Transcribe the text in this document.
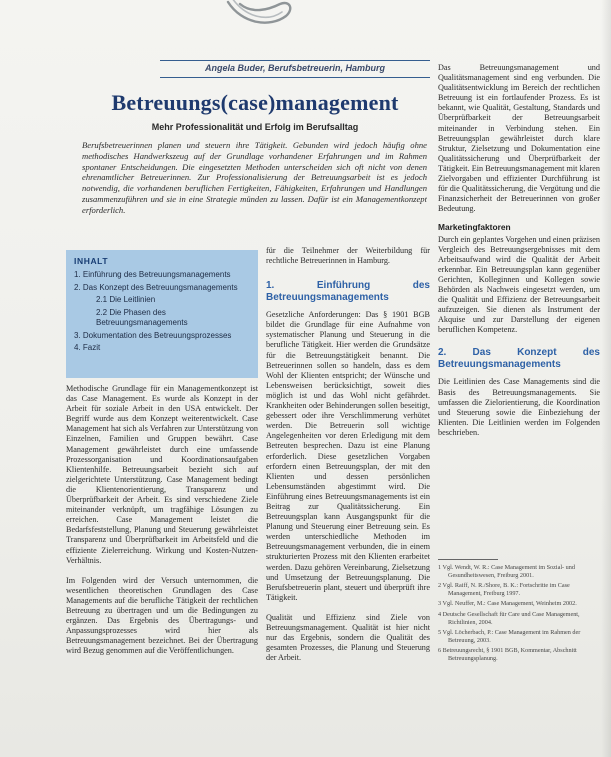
Angela Buder, Berufsbetreuerin, Hamburg
Betreuungs(case)management
Mehr Professionalität und Erfolg im Berufsalltag
Berufsbetreuerinnen planen und steuern ihre Tätigkeit. Gebunden wird jedoch häufig ohne methodisches Handwerkszeug auf der Grundlage vorhandener Erfahrungen und im Rahmen spontaner Entscheidungen. Die eingesetzten Methoden unterscheiden sich oft nicht von denen ehrenamtlicher Betreuerinnen. Zur Professionalisierung der Betreuungsarbeit ist es jedoch notwendig, die vorhandenen beruflichen Fertigkeiten, Fähigkeiten, Erfahrungen und Handlungen zusammenzuführen und sie in eine Strategie münden zu lassen. Dafür ist ein Managementkonzept erforderlich.
INHALT
1. Einführung des Betreuungsmanagements
2. Das Konzept des Betreuungsmanagements
2.1 Die Leitlinien
2.2 Die Phasen des Betreuungsmanagements
3. Dokumentation des Betreuungsprozesses
4. Fazit

Methodische Grundlage für ein Managementkonzept ist das Case Management. Es wurde als Konzept in der Arbeit für soziale Arbeit in den USA entwickelt. Der Begriff wurde aus dem Konzept weiterentwickelt. Case Management hat sich als Verfahren zur Unterstützung von Einzelnen, Familien und Gruppen bewährt. Case Management gewährleistet durch eine umfassende Prozessorganisation und Koordinationsaufgaben Klientenhilfe. Betreuungsarbeit bezieht sich auf zielgerichtete Unterstützung. Case Management bedingt die Klientenorientierung, Transparenz und Überprüfbarkeit der Arbeit. Es sind verschiedene Ziele miteinander verknüpft, um tragfähige Lösungen zu erreichen. Case Management leistet die Bedarfsfeststellung, Planung und Steuerung gewährleistet Transparenz und Überprüfbarkeit im Arbeitsfeld und die effiziente Zielerreichung. Wirkung und Kosten-Nutzen-Verhältnis.

Im Folgenden wird der Versuch unternommen, die wesentlichen theoretischen Grundlagen des Case Managements auf die berufliche Tätigkeit der rechtlichen Betreuung zu übertragen und um die Bedingungen zu ergänzen. Das Ergebnis des Übertragungs- und Anpassungsprozesses wird hier als Betreuungsmanagement bezeichnet. Bei der Übertragung wird Bezug genommen auf die Veröffentlichungen.

für die Teilnehmer der Weiterbildung für rechtliche Betreuerinnen in Hamburg.

1. Einführung des Betreuungsmanagements

Gesetzliche Anforderungen: Das § 1901 BGB bildet die Grundlage für eine Aufnahme von systematischer Planung und Steuerung in die berufliche Tätigkeit. Hier werden die Grundsätze für die Betreuungstätigkeit benannt. Die Betreuerinnen sollen so handeln, dass es dem Wohl der Klienten entspricht; der Wünsche und Lebensweisen berücksichtigt, soweit dies möglich ist und das Wohl nicht gefährdet. Krankheiten oder Behinderungen sollen beseitigt, gebessert oder ihre Verschlimmerung verhütet werden. Die Betreuerin soll wichtige Angelegenheiten vor deren Erledigung mit dem Betreuten besprechen. Dazu ist eine Planung erforderlich. Diese gesetzlichen Vorgaben erfordern einen Betreuungsplan, der mit den Klienten und dessen persönlichen Lebensumständen abgestimmt wird. Die Einführung eines Betreuungsmanagements ist ein Beitrag zur Qualitätssicherung. Ein Betreuungsplan kann Ausgangspunkt für die Planung und Steuerung einer Betreuung sein. Es werden unterschiedliche Methoden im Betreuungsmanagement verbunden, die in einem strukturierten Prozess mit den Klienten erarbeitet werden. Dazu gehören Vereinbarung, Zielsetzung und Umsetzung der Betreuungsplanung. Die Berufsbetreuerin plant, steuert und überprüft ihre Tätigkeit.

Qualität und Effizienz sind Ziele von Betreuungsmanagement. Qualität ist hier nicht nur das Ergebnis, sondern die Qualität des gesamten Prozesses, die Planung und Steuerung der Arbeit.

Das Betreuungsmanagement und Qualitätsmanagement sind eng verbunden. Die Qualitätsentwicklung im Bereich der rechtlichen Betreuung ist ein fortlaufender Prozess. Es ist bekannt, wie Qualität, Gestaltung, Standards und Überprüfbarkeit der Betreuungsarbeit miteinander in Verbindung stehen. Ein Betreuungsplan gewährleistet durch klare Struktur, Zielsetzung und Dokumentation eine Qualitätssicherung und Überprüfbarkeit der Tätigkeit. Ein Betreuungsmanagement mit klaren Zielvorgaben und effizienter Durchführung ist für die Qualitätssicherung, die Vergütung und die Finanzsicherheit der Betreuerinnen von großer Bedeutung.

Marketingfaktoren

Durch ein geplantes Vorgehen und einen präzisen Vergleich des Betreuungsergebnisses mit dem Arbeitsaufwand wird die Qualität der Arbeit erkennbar. Ein Betreuungsplan kann gegenüber Gerichten, Kolleginnen und Kollegen sowie Behörden als Nachweis eingesetzt werden, um die Qualität und Effizienz der Betreuungsarbeit aufzuzeigen. Sie dienen als Instrument der Akquise und zur Darstellung der eigenen beruflichen Kompetenz.

2. Das Konzept des Betreuungsmanagements

Die Leitlinien des Case Managements sind die Basis des Betreuungsmanagements. Sie umfassen die Zielorientierung, die Koordination und Steuerung sowie die Einbeziehung der Klienten. Die Leitlinien werden im Folgenden beschrieben.

1 Vgl. Wendt, W. R.: Case Management im Sozial- und Gesundheitswesen, Freiburg 2001.

2 Vgl. Raiff, N. R./Shore, B. K.: Fortschritte im Case Management, Freiburg 1997.

3 Vgl. Neuffer, M.: Case Management, Weinheim 2002.

4 Deutsche Gesellschaft für Care und Case Management, Richtlinien, 2004.

5 Vgl. Löcherbach, P.: Case Management im Rahmen der Betreuung, 2003.

6 Betreuungsrecht, § 1901 BGB, Kommentar, Abschnitt Betreuungsplanung.
